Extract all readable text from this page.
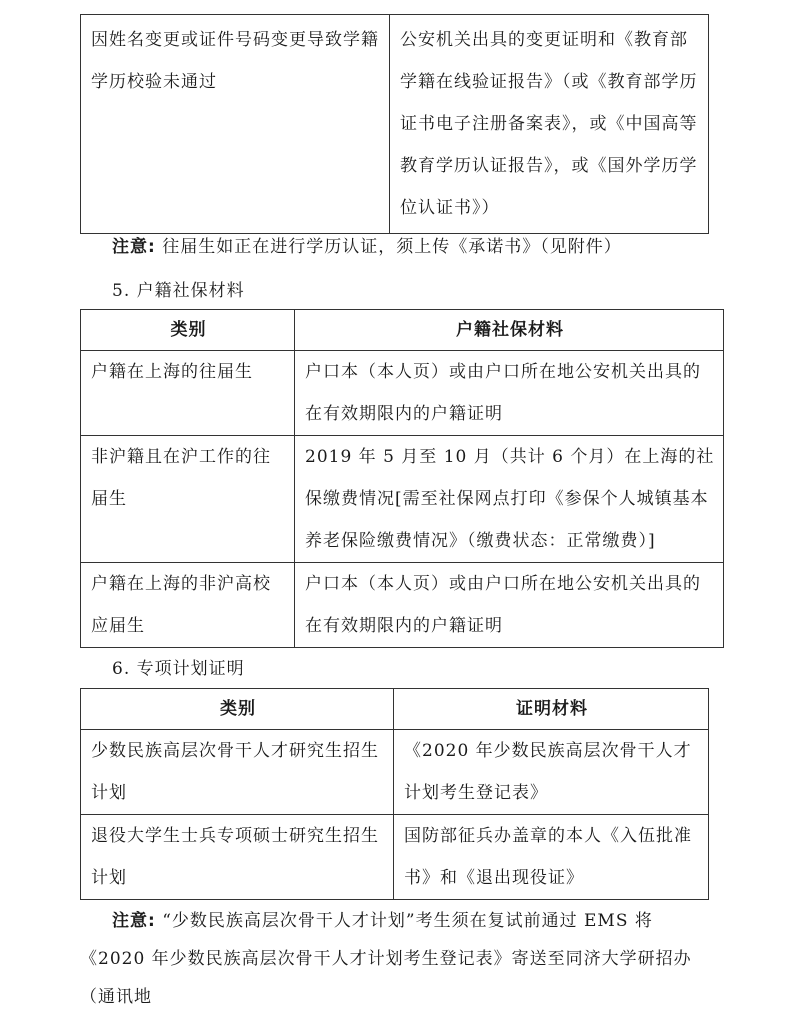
因姓名变更或证件号码变更导致学籍学历校验未通过	公安机关出具的变更证明和《教育部学籍在线验证报告》（或《教育部学历证书电子注册备案表》，或《中国高等教育学历认证报告》，或《国外学历学位认证书》）
注意: 往届生如正在进行学历认证，须上传《承诺书》（见附件）
5. 户籍社保材料
类别	户籍社保材料
户籍在上海的往届生	户口本（本人页）或由户口所在地公安机关出具的在有效期限内的户籍证明
非沪籍且在沪工作的往届生	2019 年 5 月至 10 月（共计 6 个月）在上海的社保缴费情况[需至社保网点打印《参保个人城镇基本养老保险缴费情况》（缴费状态：正常缴费）]
户籍在上海的非沪高校应届生	户口本（本人页）或由户口所在地公安机关出具的在有效期限内的户籍证明
6. 专项计划证明
类别	证明材料
少数民族高层次骨干人才研究生招生计划	《2020 年少数民族高层次骨干人才计划考生登记表》
退役大学生士兵专项硕士研究生招生计划	国防部征兵办盖章的本人《入伍批准书》和《退出现役证》
注意: “少数民族高层次骨干人才计划”考生须在复试前通过 EMS 将《2020 年少数民族高层次骨干人才计划考生登记表》寄送至同济大学研招办（通讯地
